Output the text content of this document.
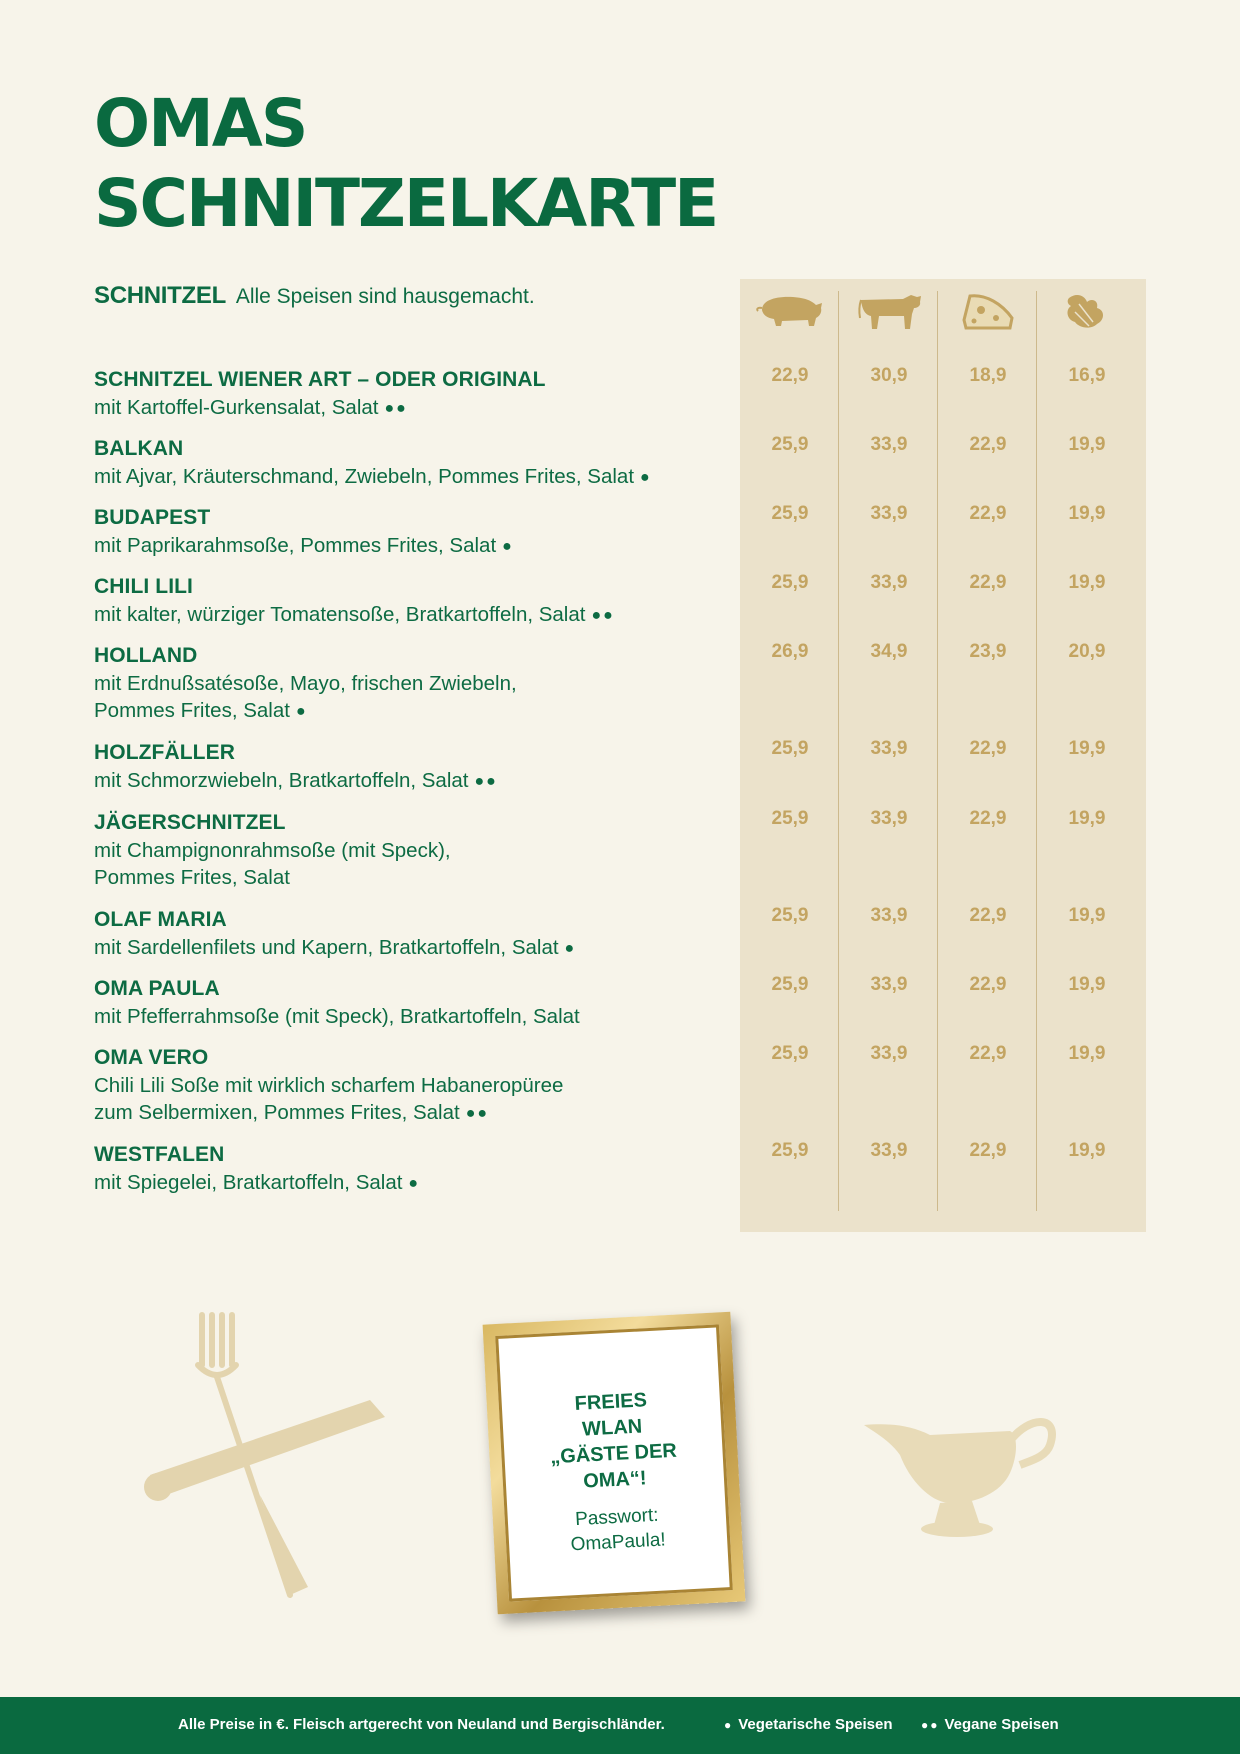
OMAS
SCHNITZELKARTE
SCHNITZEL Alle Speisen sind hausgemacht.
SCHNITZEL WIENER ART – ODER ORIGINAL
mit Kartoffel-Gurkensalat, Salat ●●
22,9	30,9	18,9	16,9
BALKAN
mit Ajvar, Kräuterschmand, Zwiebeln, Pommes Frites, Salat ●
25,9	33,9	22,9	19,9
BUDAPEST
mit Paprikarahmsoße, Pommes Frites, Salat ●
25,9	33,9	22,9	19,9
CHILI LILI
mit kalter, würziger Tomatensoße, Bratkartoffeln, Salat ●●
25,9	33,9	22,9	19,9
HOLLAND
mit Erdnußsatésoße, Mayo, frischen Zwiebeln,
Pommes Frites, Salat ●
26,9	34,9	23,9	20,9
HOLZFÄLLER
mit Schmorzwiebeln, Bratkartoffeln, Salat ●●
25,9	33,9	22,9	19,9
JÄGERSCHNITZEL
mit Champignonrahmsoße (mit Speck),
Pommes Frites, Salat
25,9	33,9	22,9	19,9
OLAF MARIA
mit Sardellenfilets und Kapern, Bratkartoffeln, Salat ●
25,9	33,9	22,9	19,9
OMA PAULA
mit Pfefferrahmsoße (mit Speck), Bratkartoffeln, Salat
25,9	33,9	22,9	19,9
OMA VERO
Chili Lili Soße mit wirklich scharfem Habaneropüree
zum Selbermixen, Pommes Frites, Salat ●●
25,9	33,9	22,9	19,9
WESTFALEN
mit Spiegelei, Bratkartoffeln, Salat ●
25,9	33,9	22,9	19,9
FREIES
WLAN
„GÄSTE DER
OMA“!
Passwort:
OmaPaula!
Alle Preise in €. Fleisch artgerecht von Neuland und Bergischländer.	● Vegetarische Speisen ●● Vegane Speisen
